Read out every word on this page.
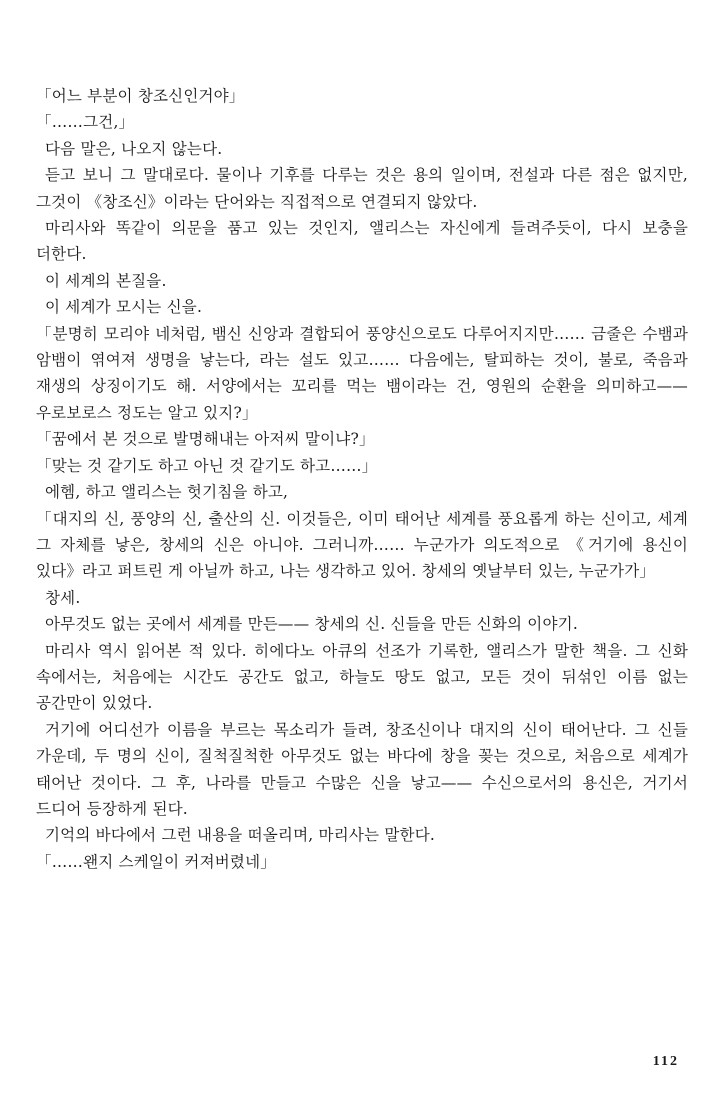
「어느 부분이 창조신인거야」

「……그건,」

다음 말은, 나오지 않는다.

듣고 보니 그 말대로다. 물이나 기후를 다루는 것은 용의 일이며, 전설과 다른 점은 없지만, 그것이 《창조신》이라는 단어와는 직접적으로 연결되지 않았다.

마리사와 똑같이 의문을 품고 있는 것인지, 앨리스는 자신에게 들려주듯이, 다시 보충을 더한다.

이 세계의 본질을.

이 세계가 모시는 신을.

「분명히 모리야 네처럼, 뱀신 신앙과 결합되어 풍양신으로도 다루어지지만…… 금줄은 수뱀과 암뱀이 엮여져 생명을 낳는다, 라는 설도 있고…… 다음에는, 탈피하는 것이, 불로, 죽음과 재생의 상징이기도 해. 서양에서는 꼬리를 먹는 뱀이라는 건, 영원의 순환을 의미하고—— 우로보로스 정도는 알고 있지?」

「꿈에서 본 것으로 발명해내는 아저씨 말이냐?」

「맞는 것 같기도 하고 아닌 것 같기도 하고……」

에헴, 하고 앨리스는 헛기침을 하고,

「대지의 신, 풍양의 신, 출산의 신. 이것들은, 이미 태어난 세계를 풍요롭게 하는 신이고, 세계 그 자체를 낳은, 창세의 신은 아니야. 그러니까…… 누군가가 의도적으로 《거기에 용신이 있다》라고 퍼트린 게 아닐까 하고, 나는 생각하고 있어. 창세의 옛날부터 있는, 누군가가」

창세.

아무것도 없는 곳에서 세계를 만든—— 창세의 신. 신들을 만든 신화의 이야기.

마리사 역시 읽어본 적 있다. 히에다노 아큐의 선조가 기록한, 앨리스가 말한 책을. 그 신화 속에서는, 처음에는 시간도 공간도 없고, 하늘도 땅도 없고, 모든 것이 뒤섞인 이름 없는 공간만이 있었다.

거기에 어디선가 이름을 부르는 목소리가 들려, 창조신이나 대지의 신이 태어난다. 그 신들 가운데, 두 명의 신이, 질척질척한 아무것도 없는 바다에 창을 꽂는 것으로, 처음으로 세계가 태어난 것이다. 그 후, 나라를 만들고 수많은 신을 낳고—— 수신으로서의 용신은, 거기서 드디어 등장하게 된다.

기억의 바다에서 그런 내용을 떠올리며, 마리사는 말한다.

「……왠지 스케일이 커져버렸네」

112
